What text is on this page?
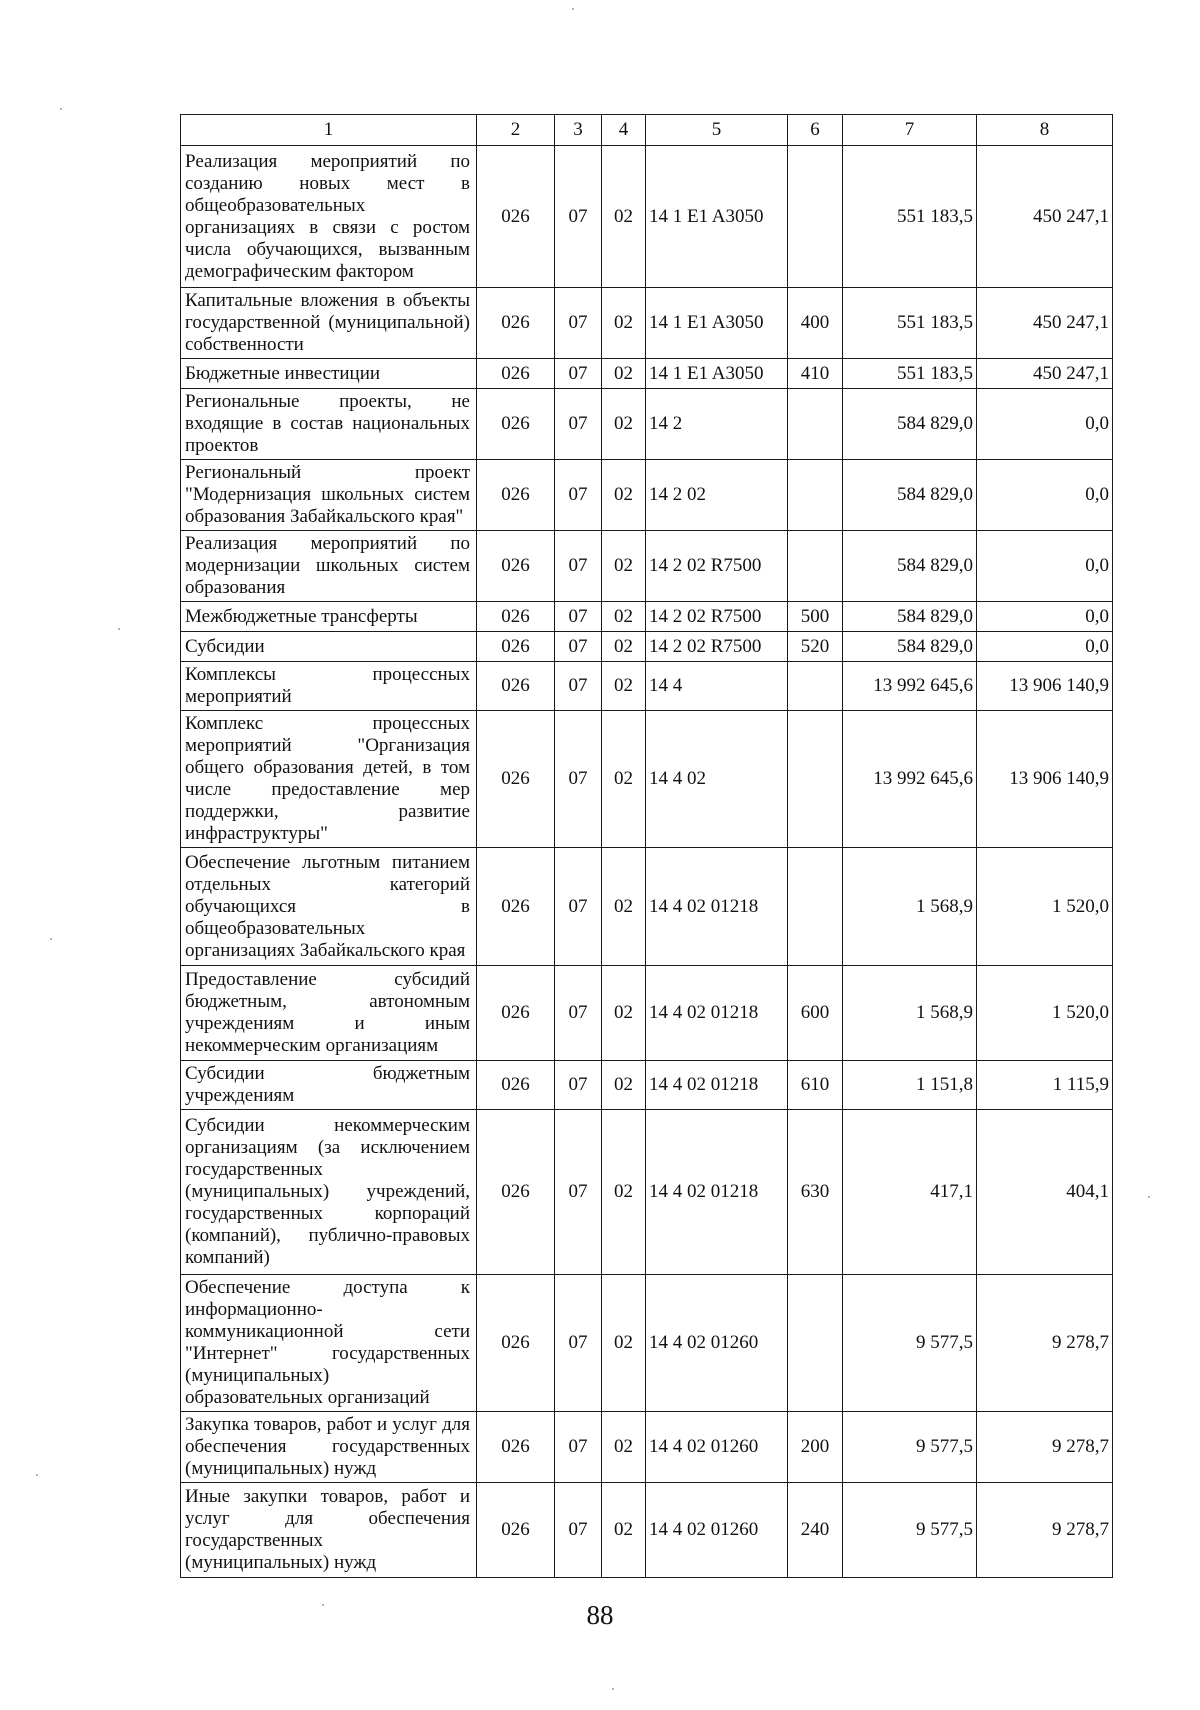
1	2	3	4	5	6	7	8
Реализация мероприятий по созданию новых мест в общеобразовательных организациях в связи с ростом числа обучающихся, вызванным демографическим фактором	026	07	02	14 1 E1 A3050		551 183,5	450 247,1
Капитальные вложения в объекты государственной (муниципальной) собственности	026	07	02	14 1 E1 A3050	400	551 183,5	450 247,1
Бюджетные инвестиции	026	07	02	14 1 E1 A3050	410	551 183,5	450 247,1
Региональные проекты, не входящие в состав национальных проектов	026	07	02	14 2		584 829,0	0,0
Региональный проект "Модернизация школьных систем образования Забайкальского края"	026	07	02	14 2 02		584 829,0	0,0
Реализация мероприятий по модернизации школьных систем образования	026	07	02	14 2 02 R7500		584 829,0	0,0
Межбюджетные трансферты	026	07	02	14 2 02 R7500	500	584 829,0	0,0
Субсидии	026	07	02	14 2 02 R7500	520	584 829,0	0,0
Комплексы процессных мероприятий	026	07	02	14 4		13 992 645,6	13 906 140,9
Комплекс процессных мероприятий "Организация общего образования детей, в том числе предоставление мер поддержки, развитие инфраструктуры"	026	07	02	14 4 02		13 992 645,6	13 906 140,9
Обеспечение льготным питанием отдельных категорий обучающихся в общеобразовательных организациях Забайкальского края	026	07	02	14 4 02 01218		1 568,9	1 520,0
Предоставление субсидий бюджетным, автономным учреждениям и иным некоммерческим организациям	026	07	02	14 4 02 01218	600	1 568,9	1 520,0
Субсидии бюджетным учреждениям	026	07	02	14 4 02 01218	610	1 151,8	1 115,9
Субсидии некоммерческим организациям (за исключением государственных (муниципальных) учреждений, государственных корпораций (компаний), публично-правовых компаний)	026	07	02	14 4 02 01218	630	417,1	404,1
Обеспечение доступа к информационно-коммуникационной сети "Интернет" государственных (муниципальных) образовательных организаций	026	07	02	14 4 02 01260		9 577,5	9 278,7
Закупка товаров, работ и услуг для обеспечения государственных (муниципальных) нужд	026	07	02	14 4 02 01260	200	9 577,5	9 278,7
Иные закупки товаров, работ и услуг для обеспечения государственных (муниципальных) нужд	026	07	02	14 4 02 01260	240	9 577,5	9 278,7
88
